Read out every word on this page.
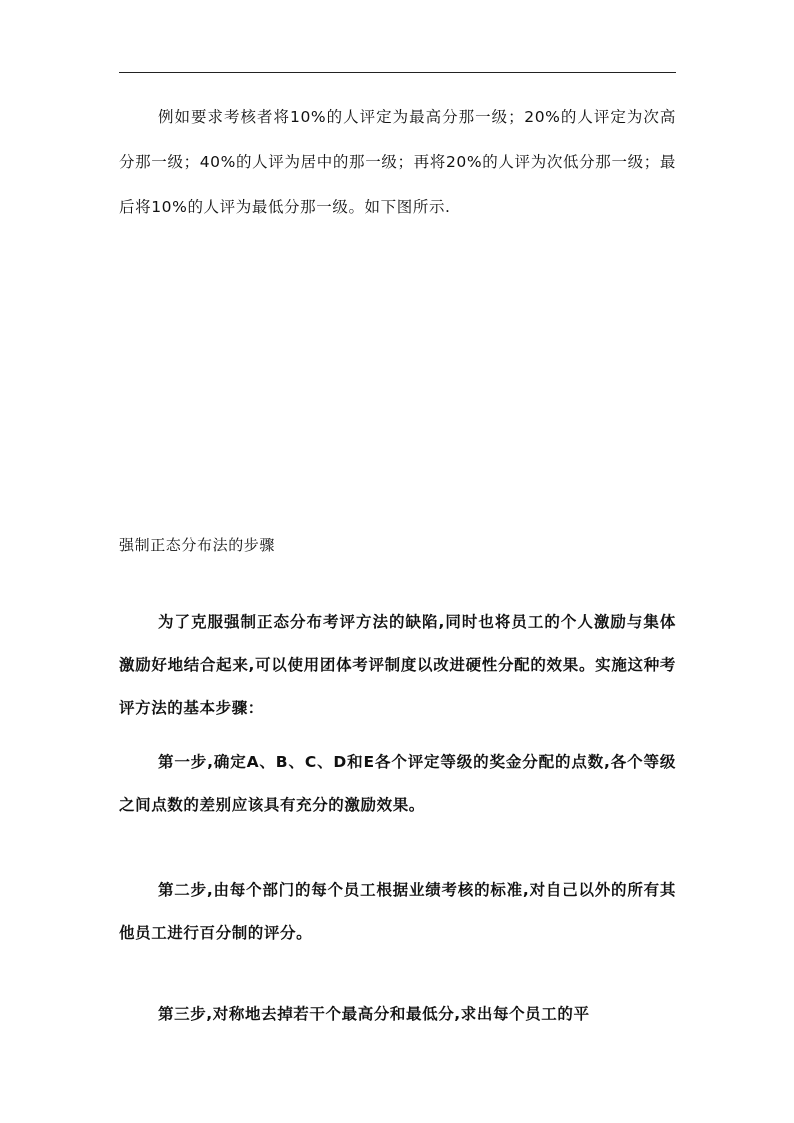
例如要求考核者将10%的人评定为最高分那一级；20%的人评定为次高分那一级；40%的人评为居中的那一级；再将20%的人评为次低分那一级；最后将10%的人评为最低分那一级。如下图所示.

强制正态分布法的步骤

为了克服强制正态分布考评方法的缺陷,同时也将员工的个人激励与集体激励好地结合起来,可以使用团体考评制度以改进硬性分配的效果。实施这种考评方法的基本步骤：

第一步,确定A、B、C、D和E各个评定等级的奖金分配的点数,各个等级之间点数的差别应该具有充分的激励效果。

第二步,由每个部门的每个员工根据业绩考核的标准,对自己以外的所有其他员工进行百分制的评分。

第三步,对称地去掉若干个最高分和最低分,求出每个员工的平
